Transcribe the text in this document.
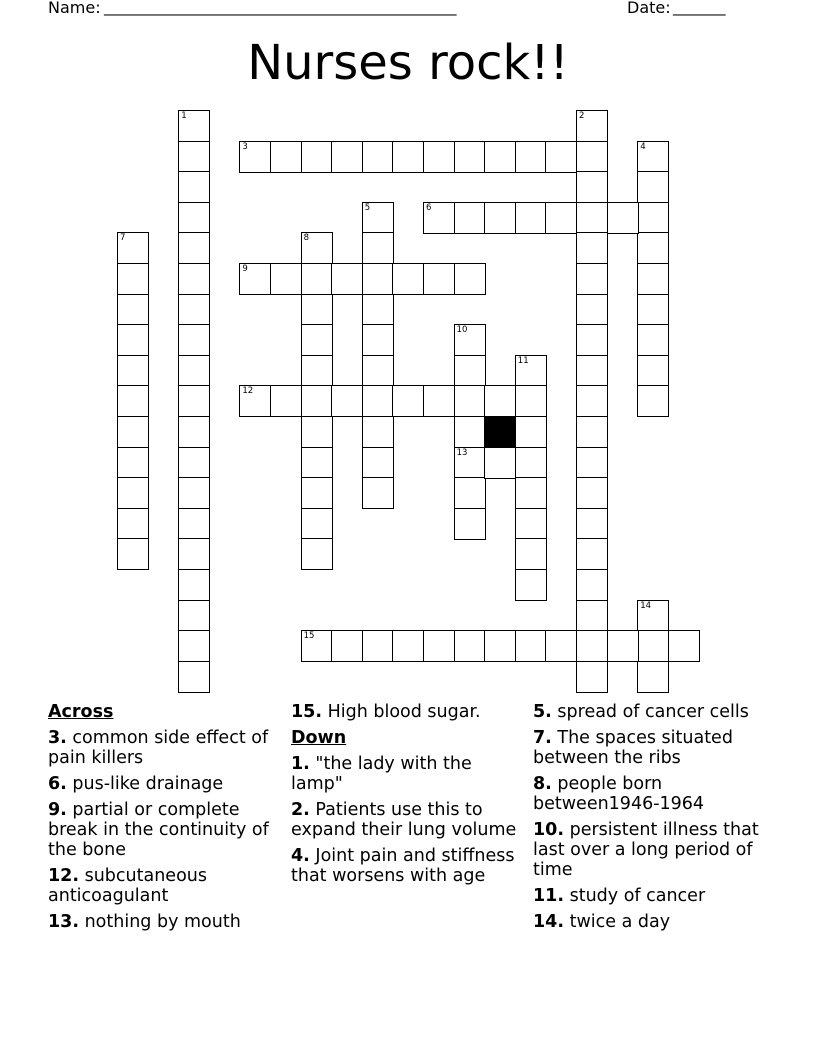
Name: _______________________________________________	Date: _______
Nurses rock!!
1	2
3	4
5	6
7	8
9
10
11
12
13
14
15
Across
3. common side effect of pain killers
6. pus-like drainage
9. partial or complete break in the continuity of the bone
12. subcutaneous anticoagulant
13. nothing by mouth
15. High blood sugar.
Down
1. "the lady with the lamp"
2. Patients use this to expand their lung volume
4. Joint pain and stiffness that worsens with age
5. spread of cancer cells
7. The spaces situated between the ribs
8. people born between1946-1964
10. persistent illness that last over a long period of time
11. study of cancer
14. twice a day
